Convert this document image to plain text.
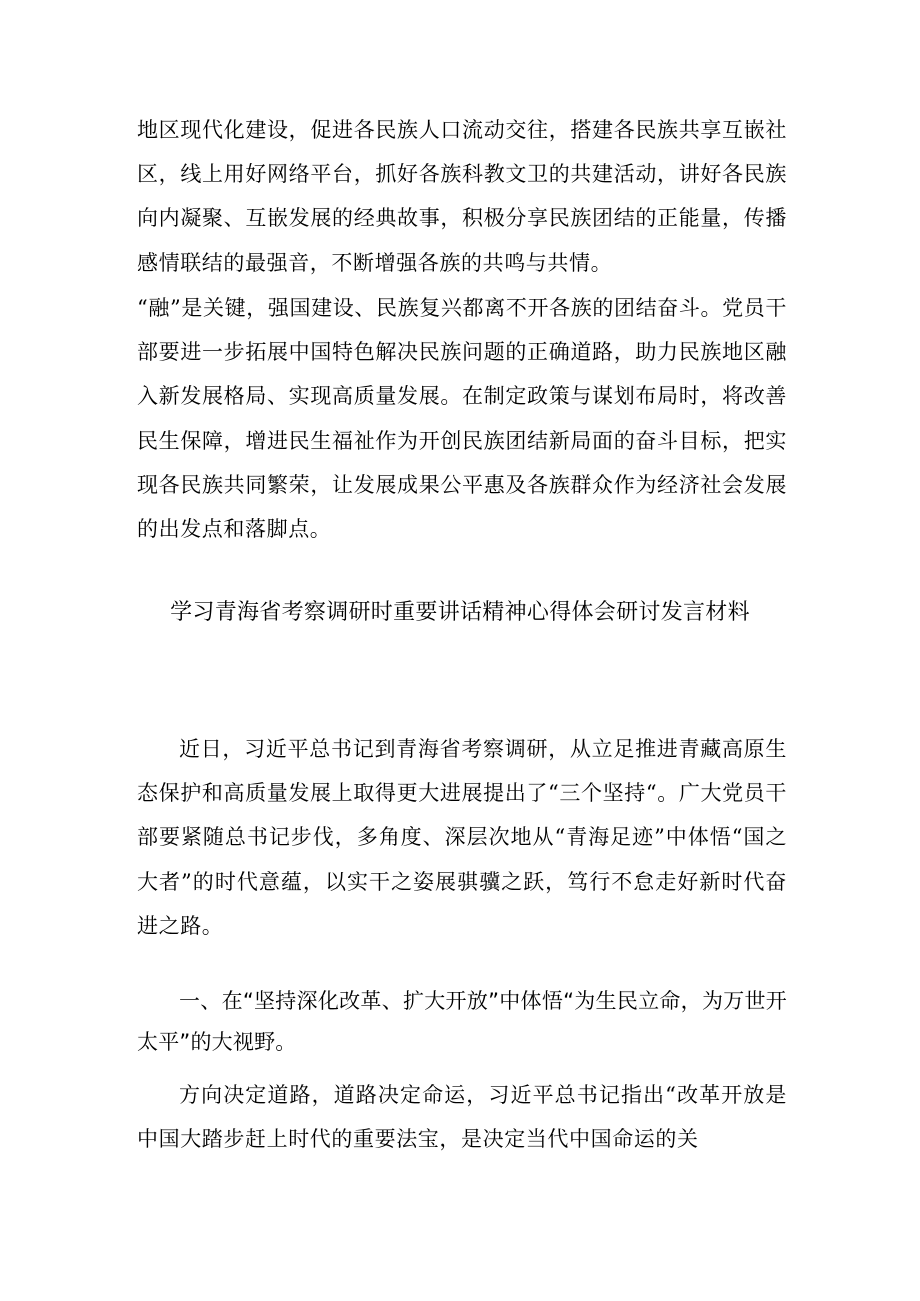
地区现代化建设，促进各民族人口流动交往，搭建各民族共享互嵌社区，线上用好网络平台，抓好各族科教文卫的共建活动，讲好各民族向内凝聚、互嵌发展的经典故事，积极分享民族团结的正能量，传播感情联结的最强音，不断增强各族的共鸣与共情。

“融”是关键，强国建设、民族复兴都离不开各族的团结奋斗。党员干部要进一步拓展中国特色解决民族问题的正确道路，助力民族地区融入新发展格局、实现高质量发展。在制定政策与谋划布局时，将改善民生保障，增进民生福祉作为开创民族团结新局面的奋斗目标，把实现各民族共同繁荣，让发展成果公平惠及各族群众作为经济社会发展的出发点和落脚点。

学习青海省考察调研时重要讲话精神心得体会研讨发言材料

近日，习近平总书记到青海省考察调研，从立足推进青藏高原生态保护和高质量发展上取得更大进展提出了“三个坚持“。广大党员干部要紧随总书记步伐，多角度、深层次地从“青海足迹”中体悟“国之大者”的时代意蕴，以实干之姿展骐骥之跃，笃行不怠走好新时代奋进之路。

一、在“坚持深化改革、扩大开放”中体悟“为生民立命，为万世开太平”的大视野。

方向决定道路，道路决定命运，习近平总书记指出“改革开放是中国大踏步赶上时代的重要法宝，是决定当代中国命运的关
